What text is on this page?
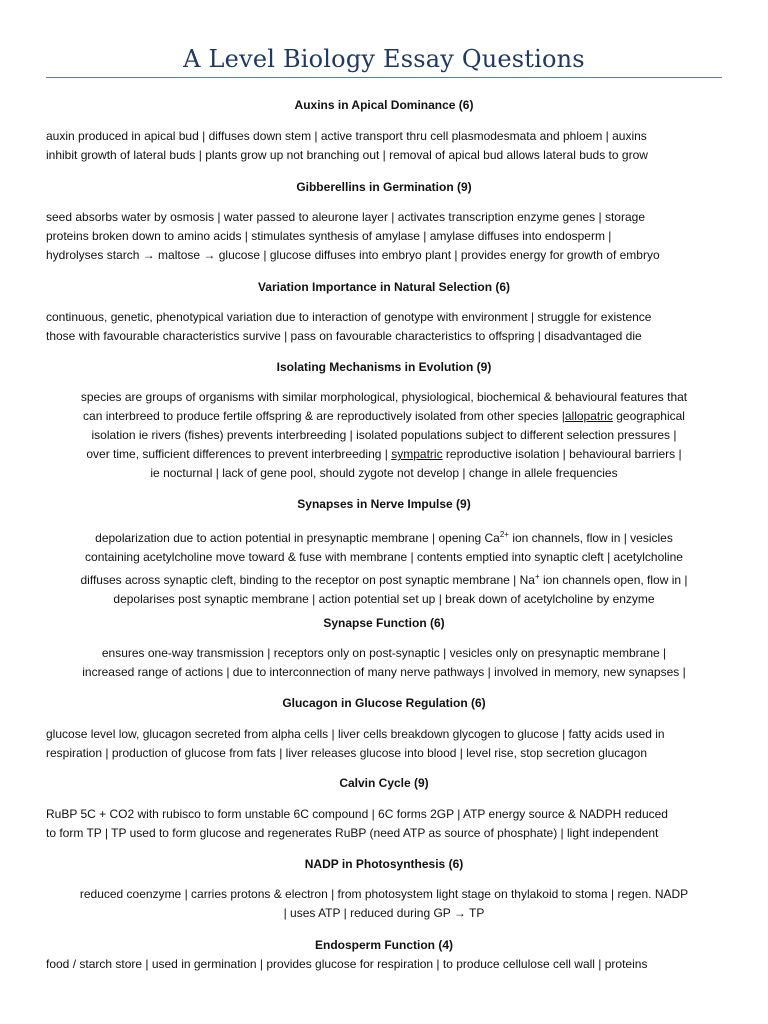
A Level Biology Essay Questions
Auxins in Apical Dominance (6)
auxin produced in apical bud | diffuses down stem | active transport thru cell plasmodesmata and phloem | auxins
inhibit growth of lateral buds | plants grow up not branching out | removal of apical bud allows lateral buds to grow
Gibberellins in Germination (9)
seed absorbs water by osmosis | water passed to aleurone layer | activates transcription enzyme genes | storage
proteins broken down to amino acids | stimulates synthesis of amylase | amylase diffuses into endosperm |
hydrolyses starch → maltose → glucose | glucose diffuses into embryo plant | provides energy for growth of embryo
Variation Importance in Natural Selection (6)
continuous, genetic, phenotypical variation due to interaction of genotype with environment | struggle for existence
those with favourable characteristics survive | pass on favourable characteristics to offspring | disadvantaged die
Isolating Mechanisms in Evolution (9)
species are groups of organisms with similar morphological, physiological, biochemical & behavioural features that
can interbreed to produce fertile offspring & are reproductively isolated from other species |allopatric geographical
isolation ie rivers (fishes) prevents interbreeding | isolated populations subject to different selection pressures |
over time, sufficient differences to prevent interbreeding | sympatric reproductive isolation | behavioural barriers |
ie nocturnal | lack of gene pool, should zygote not develop | change in allele frequencies
Synapses in Nerve Impulse (9)
depolarization due to action potential in presynaptic membrane | opening $Ca^{2+}$ ion channels, flow in | vesicles
containing acetylcholine move toward & fuse with membrane | contents emptied into synaptic cleft | acetylcholine
diffuses across synaptic cleft, binding to the receptor on post synaptic membrane | Na+ ion channels open, flow in |
depolarises post synaptic membrane | action potential set up | break down of acetylcholine by enzyme
Synapse Function (6)
ensures one-way transmission | receptors only on post-synaptic | vesicles only on presynaptic membrane |
increased range of actions | due to interconnection of many nerve pathways | involved in memory, new synapses |
Glucagon in Glucose Regulation (6)
glucose level low, glucagon secreted from alpha cells | liver cells breakdown glycogen to glucose | fatty acids used in
respiration | production of glucose from fats | liver releases glucose into blood | level rise, stop secretion glucagon
Calvin Cycle (9)
RuBP 5C + CO2 with rubisco to form unstable 6C compound | 6C forms 2GP | ATP energy source & NADPH reduced
to form TP | TP used to form glucose and regenerates RuBP (need ATP as source of phosphate) | light independent
NADP in Photosynthesis (6)
reduced coenzyme | carries protons & electron | from photosystem light stage on thylakoid to stoma | regen. NADP
| uses ATP | reduced during GP → TP
Endosperm Function (4)
food / starch store | used in germination | provides glucose for respiration | to produce cellulose cell wall | proteins
